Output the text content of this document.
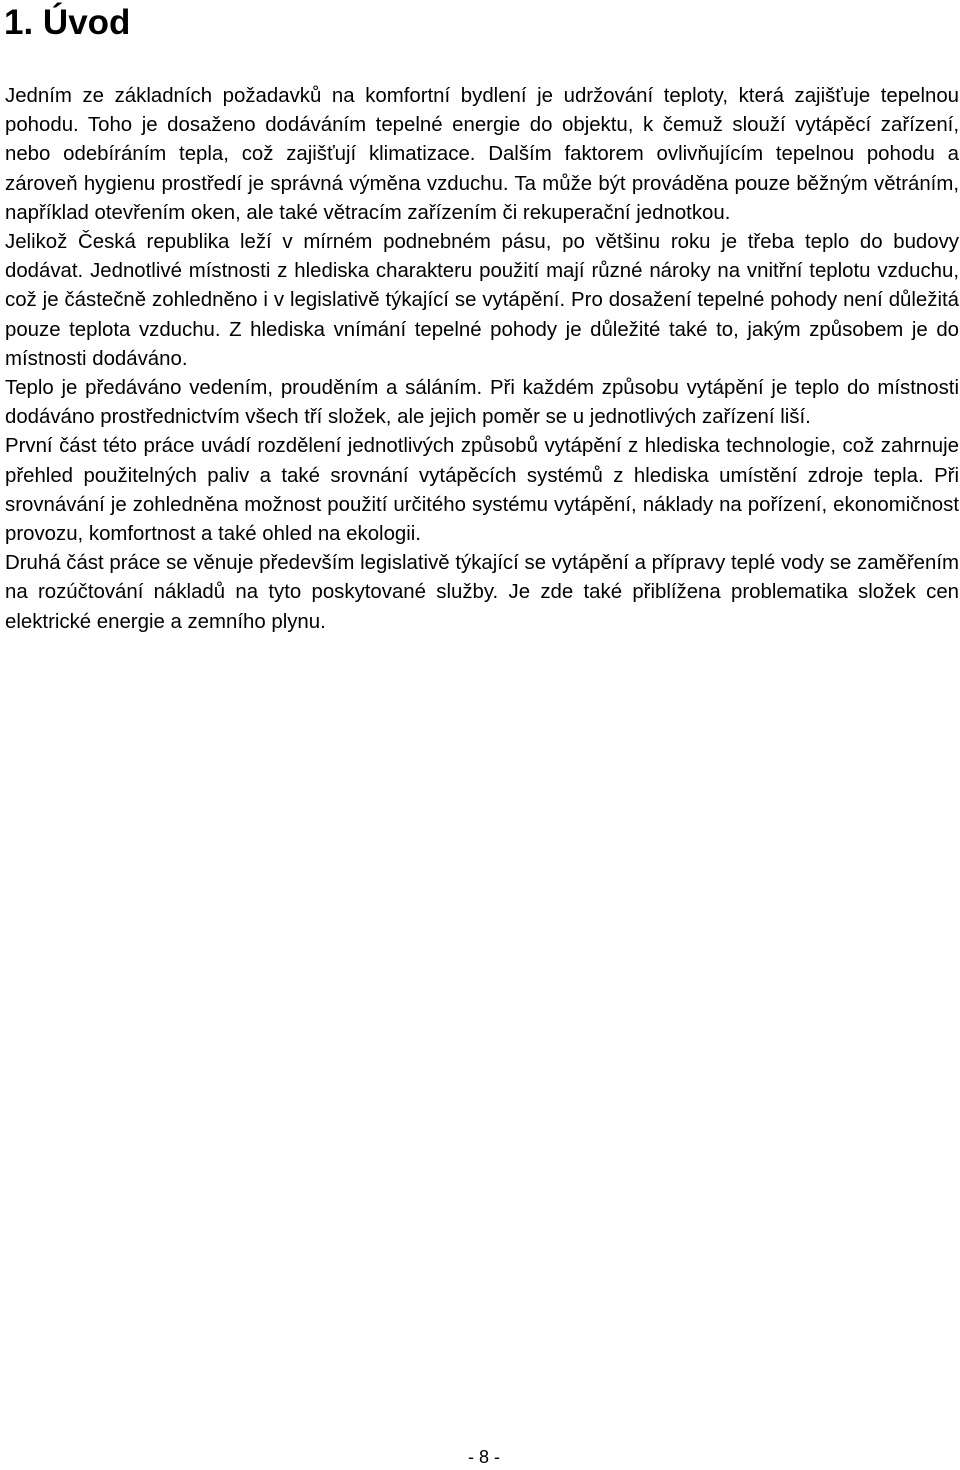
1. Úvod

Jedním ze základních požadavků na komfortní bydlení je udržování teploty, která zajišťuje tepelnou pohodu. Toho je dosaženo dodáváním tepelné energie do objektu, k čemuž slouží vytápěcí zařízení, nebo odebíráním tepla, což zajišťují klimatizace. Dalším faktorem ovlivňujícím tepelnou pohodu a zároveň hygienu prostředí je správná výměna vzduchu. Ta může být prováděna pouze běžným větráním, například otevřením oken, ale také větracím zařízením či rekuperační jednotkou.

Jelikož Česká republika leží v mírném podnebném pásu, po většinu roku je třeba teplo do budovy dodávat. Jednotlivé místnosti z hlediska charakteru použití mají různé nároky na vnitřní teplotu vzduchu, což je částečně zohledněno i v legislativě týkající se vytápění. Pro dosažení tepelné pohody není důležitá pouze teplota vzduchu. Z hlediska vnímání tepelné pohody je důležité také to, jakým způsobem je do místnosti dodáváno.

Teplo je předáváno vedením, prouděním a sáláním. Při každém způsobu vytápění je teplo do místnosti dodáváno prostřednictvím všech tří složek, ale jejich poměr se u jednotlivých zařízení liší.

První část této práce uvádí rozdělení jednotlivých způsobů vytápění z hlediska technologie, což zahrnuje přehled použitelných paliv a také srovnání vytápěcích systémů z hlediska umístění zdroje tepla. Při srovnávání je zohledněna možnost použití určitého systému vytápění, náklady na pořízení, ekonomičnost provozu, komfortnost a také ohled na ekologii.

Druhá část práce se věnuje především legislativě týkající se vytápění a přípravy teplé vody se zaměřením na rozúčtování nákladů na tyto poskytované služby. Je zde také přiblížena problematika složek cen elektrické energie a zemního plynu.

- 8 -
